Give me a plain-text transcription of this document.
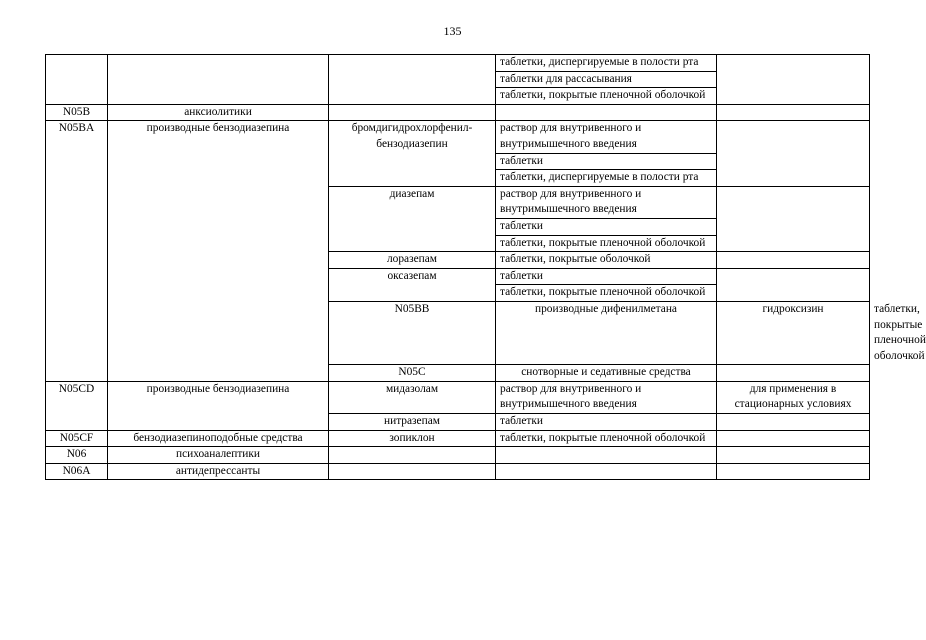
135
			таблетки, диспергируемые в полости рта		
			таблетки для рассасывания		
			таблетки, покрытые пленочной оболочкой		
N05B	анксиолитики				
N05BA	производные бензодиазепина	бромдигидрохлорфенил-бензодиазепин	раствор для внутривенного и внутримышечного введения		
			таблетки		
			таблетки, диспергируемые в полости рта		
		диазепам	раствор для внутривенного и внутримышечного введения		
			таблетки		
			таблетки, покрытые пленочной оболочкой		
		лоразепам	таблетки, покрытые оболочкой		
		оксазепам	таблетки		
			таблетки, покрытые пленочной оболочкой		
		N05BB	производные дифенилметана	гидроксизин	таблетки, покрытые пленочной оболочкой	
		N05C	снотворные и седативные средства			
N05CD	производные бензодиазепина	мидазолам	раствор для внутривенного и внутримышечного введения	для применения в стационарных условиях	
		нитразепам	таблетки		
N05CF	бензодиазепиноподобные средства	зопиклон	таблетки, покрытые пленочной оболочкой		
N06	психоаналептики				
N06A	антидепрессанты				
